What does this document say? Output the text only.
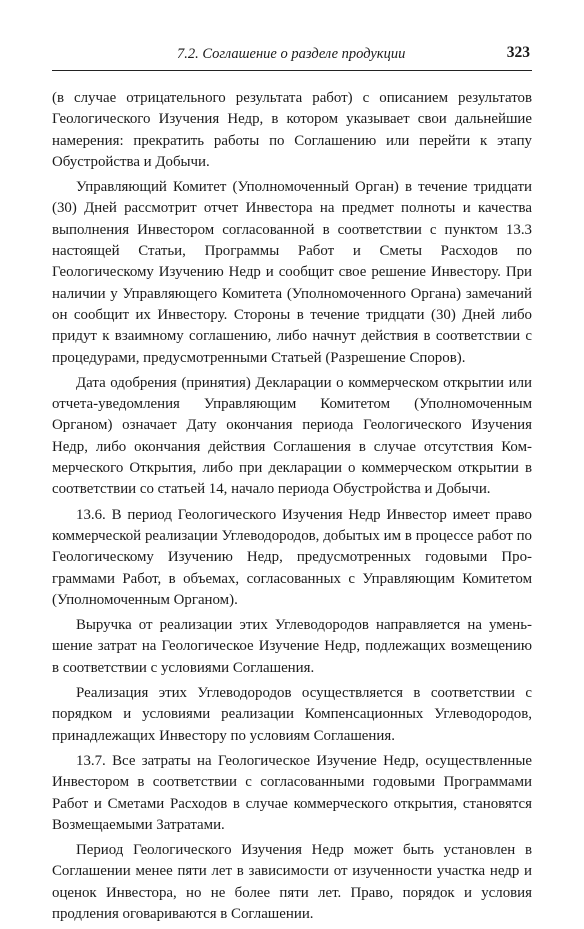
7.2. Соглашение о разделе продукции	323

(в случае отрицательного результата работ) с описанием результатов Геологического Изучения Недр, в котором указывает свои дальнейшие намерения: прекратить работы по Соглашению или перейти к этапу Обустройства и Добычи.

Управляющий Комитет (Уполномоченный Орган) в течение тридцати (30) Дней рассмотрит отчет Инвестора на предмет полноты и качества выполнения Инвестором согласованной в соответствии с пунктом 13.3 настоящей Статьи, Программы Работ и Сметы Расходов по Геологическому Изучению Недр и сообщит свое решение Инвестору. При наличии у Управляющего Комитета (Уполномоченного Органа) замечаний он сообщит их Инвестору. Стороны в течение тридцати (30) Дней либо придут к взаимному соглашению, либо начнут действия в соответствии с процедурами, предусмотренными Статьей (Разрешение Споров).

Дата одобрения (принятия) Декларации о коммерческом открытии или отчета-уведомления Управляющим Комитетом (Уполномоченным Органом) означает Дату окончания периода Геологического Изучения Недр, либо окончания действия Соглашения в случае отсутствия Коммерческого Открытия, либо при декларации о коммерческом открытии в соответствии со статьей 14, начало периода Обустройства и Добычи.

13.6. В период Геологического Изучения Недр Инвестор имеет право коммерческой реализации Углеводородов, добытых им в процессе работ по Геологическому Изучению Недр, предусмотренных годовыми Программами Работ, в объемах, согласованных с Управляющим Комитетом (Уполномоченным Органом).

Выручка от реализации этих Углеводородов направляется на уменьшение затрат на Геологическое Изучение Недр, подлежащих возмещению в соответствии с условиями Соглашения.

Реализация этих Углеводородов осуществляется в соответствии с порядком и условиями реализации Компенсационных Углеводородов, принадлежащих Инвестору по условиям Соглашения.

13.7. Все затраты на Геологическое Изучение Недр, осуществленные Инвестором в соответствии с согласованными годовыми Программами Работ и Сметами Расходов в случае коммерческого открытия, становятся Возмещаемыми Затратами.

Период Геологического Изучения Недр может быть установлен в Соглашении менее пяти лет в зависимости от изученности участка недр и оценок Инвестора, но не более пяти лет. Право, порядок и условия продления оговариваются в Соглашении.
